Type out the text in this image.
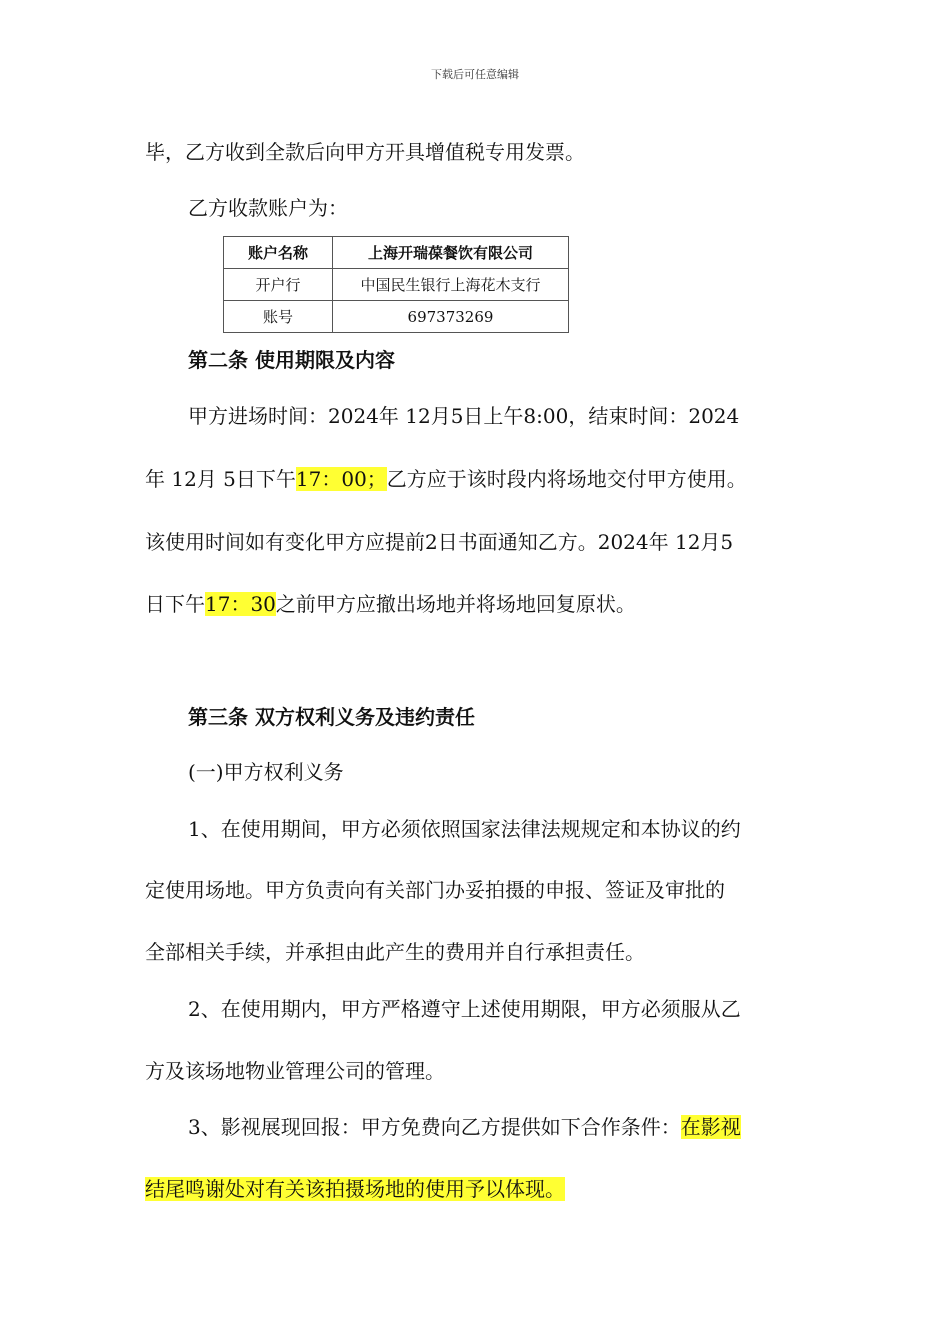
下载后可任意编辑
毕，乙方收到全款后向甲方开具增值税专用发票。
乙方收款账户为：
账户名称	上海开瑞葆餐饮有限公司
开户行	中国民生银行上海花木支行
账号	697373269
第二条 使用期限及内容
甲方进场时间：2024年 12月5日上午8:00，结束时间：2024
年 12月 5日下午17：00；乙方应于该时段内将场地交付甲方使用。
该使用时间如有变化甲方应提前2日书面通知乙方。2024年 12月5
日下午17：30之前甲方应撤出场地并将场地回复原状。
第三条 双方权利义务及违约责任
(一)甲方权利义务
1、在使用期间，甲方必须依照国家法律法规规定和本协议的约
定使用场地。甲方负责向有关部门办妥拍摄的申报、签证及审批的
全部相关手续，并承担由此产生的费用并自行承担责任。
2、在使用期内，甲方严格遵守上述使用期限，甲方必须服从乙
方及该场地物业管理公司的管理。
3、影视展现回报：甲方免费向乙方提供如下合作条件：在影视
结尾鸣谢处对有关该拍摄场地的使用予以体现。
